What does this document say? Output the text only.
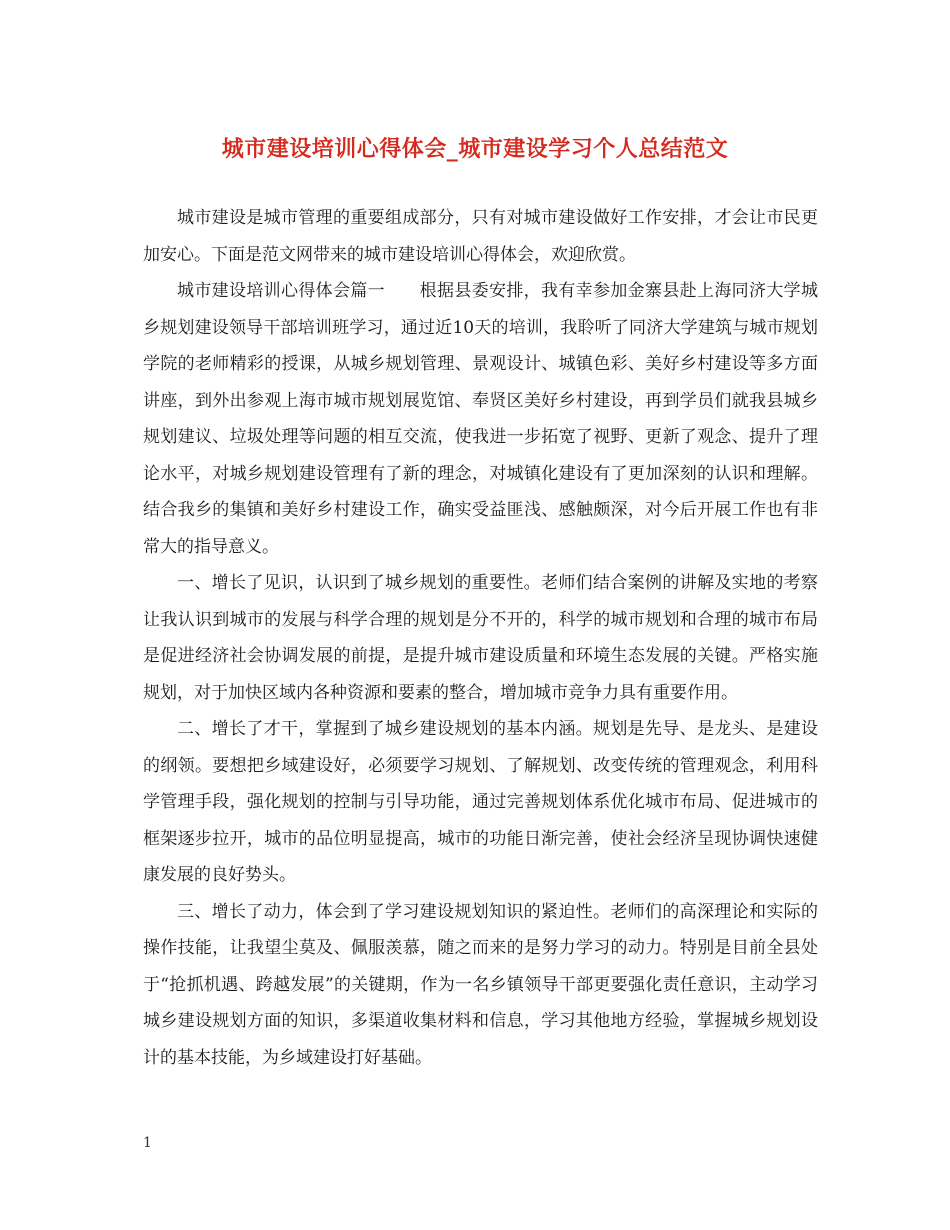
城市建设培训心得体会_城市建设学习个人总结范文

城市建设是城市管理的重要组成部分，只有对城市建设做好工作安排，才会让市民更加安心。下面是范文网带来的城市建设培训心得体会，欢迎欣赏。

城市建设培训心得体会篇一　　根据县委安排，我有幸参加金寨县赴上海同济大学城乡规划建设领导干部培训班学习，通过近10天的培训，我聆听了同济大学建筑与城市规划学院的老师精彩的授课，从城乡规划管理、景观设计、城镇色彩、美好乡村建设等多方面讲座，到外出参观上海市城市规划展览馆、奉贤区美好乡村建设，再到学员们就我县城乡规划建议、垃圾处理等问题的相互交流，使我进一步拓宽了视野、更新了观念、提升了理论水平，对城乡规划建设管理有了新的理念，对城镇化建设有了更加深刻的认识和理解。结合我乡的集镇和美好乡村建设工作，确实受益匪浅、感触颇深，对今后开展工作也有非常大的指导意义。

一、增长了见识，认识到了城乡规划的重要性。老师们结合案例的讲解及实地的考察让我认识到城市的发展与科学合理的规划是分不开的，科学的城市规划和合理的城市布局是促进经济社会协调发展的前提，是提升城市建设质量和环境生态发展的关键。严格实施规划，对于加快区域内各种资源和要素的整合，增加城市竞争力具有重要作用。

二、增长了才干，掌握到了城乡建设规划的基本内涵。规划是先导、是龙头、是建设的纲领。要想把乡域建设好，必须要学习规划、了解规划、改变传统的管理观念，利用科学管理手段，强化规划的控制与引导功能，通过完善规划体系优化城市布局、促进城市的框架逐步拉开，城市的品位明显提高，城市的功能日渐完善，使社会经济呈现协调快速健康发展的良好势头。

三、增长了动力，体会到了学习建设规划知识的紧迫性。老师们的高深理论和实际的操作技能，让我望尘莫及、佩服羡慕，随之而来的是努力学习的动力。特别是目前全县处于“抢抓机遇、跨越发展”的关键期，作为一名乡镇领导干部更要强化责任意识，主动学习城乡建设规划方面的知识，多渠道收集材料和信息，学习其他地方经验，掌握城乡规划设计的基本技能，为乡域建设打好基础。

1
